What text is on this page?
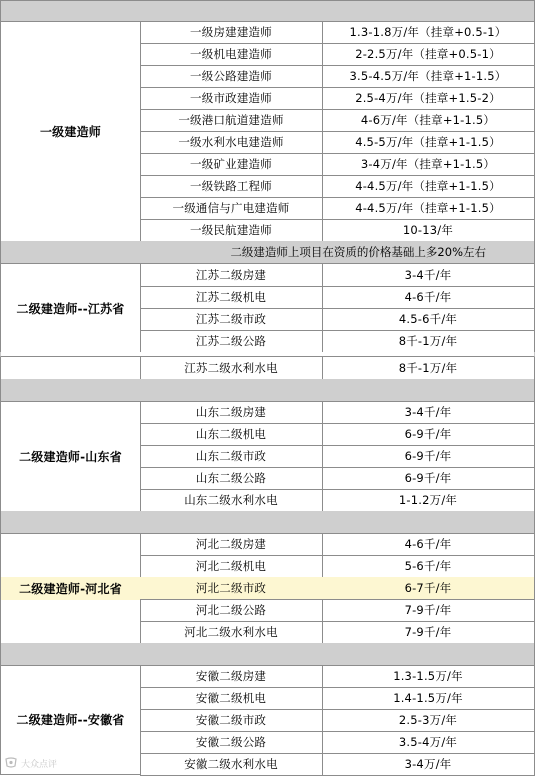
一级建造师
一级房建建造师	1.3-1.8万/年（挂章+0.5-1）
一级机电建造师	2-2.5万/年（挂章+0.5-1）
一级公路建造师	3.5-4.5万/年（挂章+1-1.5）
一级市政建造师	2.5-4万/年（挂章+1.5-2）
一级港口航道建造师	4-6万/年（挂章+1-1.5）
一级水利水电建造师	4.5-5万/年（挂章+1-1.5）
一级矿业建造师	3-4万/年（挂章+1-1.5）
一级铁路工程师	4-4.5万/年（挂章+1-1.5）
一级通信与广电建造师	4-4.5万/年（挂章+1-1.5）
一级民航建造师	10-13/年
二级建造师上项目在资质的价格基础上多20%左右
二级建造师--江苏省
江苏二级房建	3-4千/年
江苏二级机电	4-6千/年
江苏二级市政	4.5-6千/年
江苏二级公路	8千-1万/年
江苏二级水利水电	8千-1万/年
二级建造师-山东省
山东二级房建	3-4千/年
山东二级机电	6-9千/年
山东二级市政	6-9千/年
山东二级公路	6-9千/年
山东二级水利水电	1-1.2万/年
二级建造师-河北省
河北二级房建	4-6千/年
河北二级机电	5-6千/年
河北二级市政	6-7千/年
河北二级公路	7-9千/年
河北二级水利水电	7-9千/年
二级建造师--安徽省
安徽二级房建	1.3-1.5万/年
安徽二级机电	1.4-1.5万/年
安徽二级市政	2.5-3万/年
安徽二级公路	3.5-4万/年
安徽二级水利水电	3-4万/年
大众点评
